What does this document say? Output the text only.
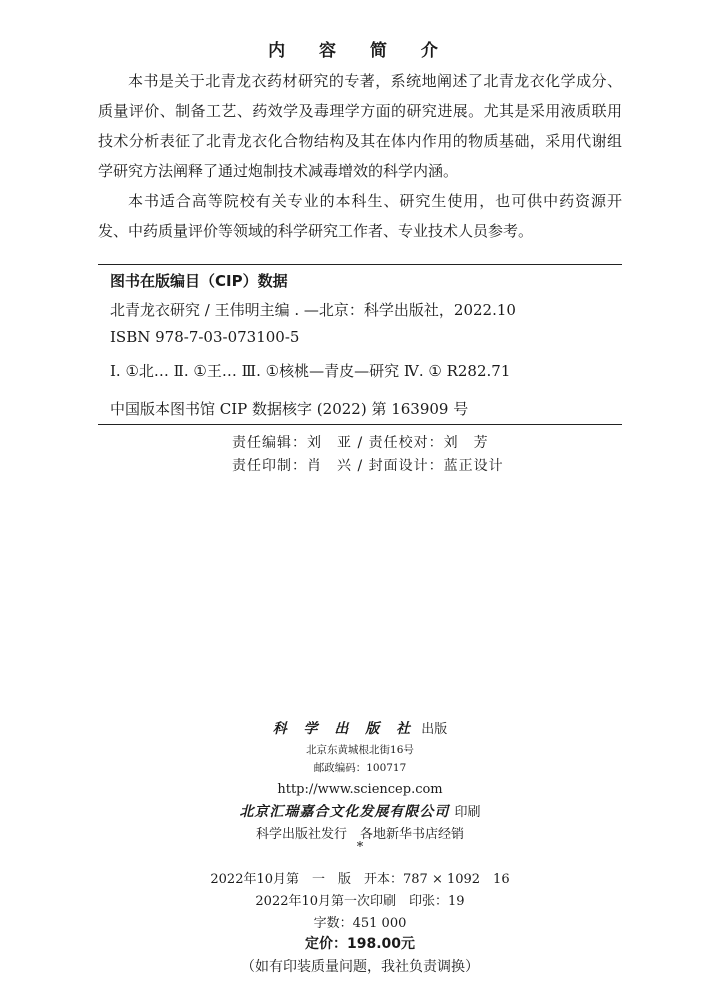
内 容 简 介

本书是关于北青龙衣药材研究的专著，系统地阐述了北青龙衣化学成分、质量评价、制备工艺、药效学及毒理学方面的研究进展。尤其是采用液质联用技术分析表征了北青龙衣化合物结构及其在体内作用的物质基础，采用代谢组学研究方法阐释了通过炮制技术减毒增效的科学内涵。

本书适合高等院校有关专业的本科生、研究生使用，也可供中药资源开发、中药质量评价等领域的科学研究工作者、专业技术人员参考。

图书在版编目（CIP）数据
北青龙衣研究 / 王伟明主编 . —北京：科学出版社，2022.10
ISBN 978-7-03-073100-5
Ⅰ. ①北… Ⅱ. ①王… Ⅲ. ①核桃—青皮—研究 Ⅳ. ① R282.71
中国版本图书馆 CIP 数据核字 (2022) 第 163909 号
责任编辑：刘　亚 / 责任校对：刘　芳
责任印制：肖　兴 / 封面设计：蓝正设计
科 学 出 版 社 出版
北京东黄城根北街16号
邮政编码：100717
http://www.sciencep.com
北京汇瑞嘉合文化发展有限公司 印刷
科学出版社发行　各地新华书店经销
*
2022年10月第　一　版　开本：787 × 1092　16
2022年10月第一次印刷　印张：19
字数：451 000
定价：198.00元
（如有印装质量问题，我社负责调换）
